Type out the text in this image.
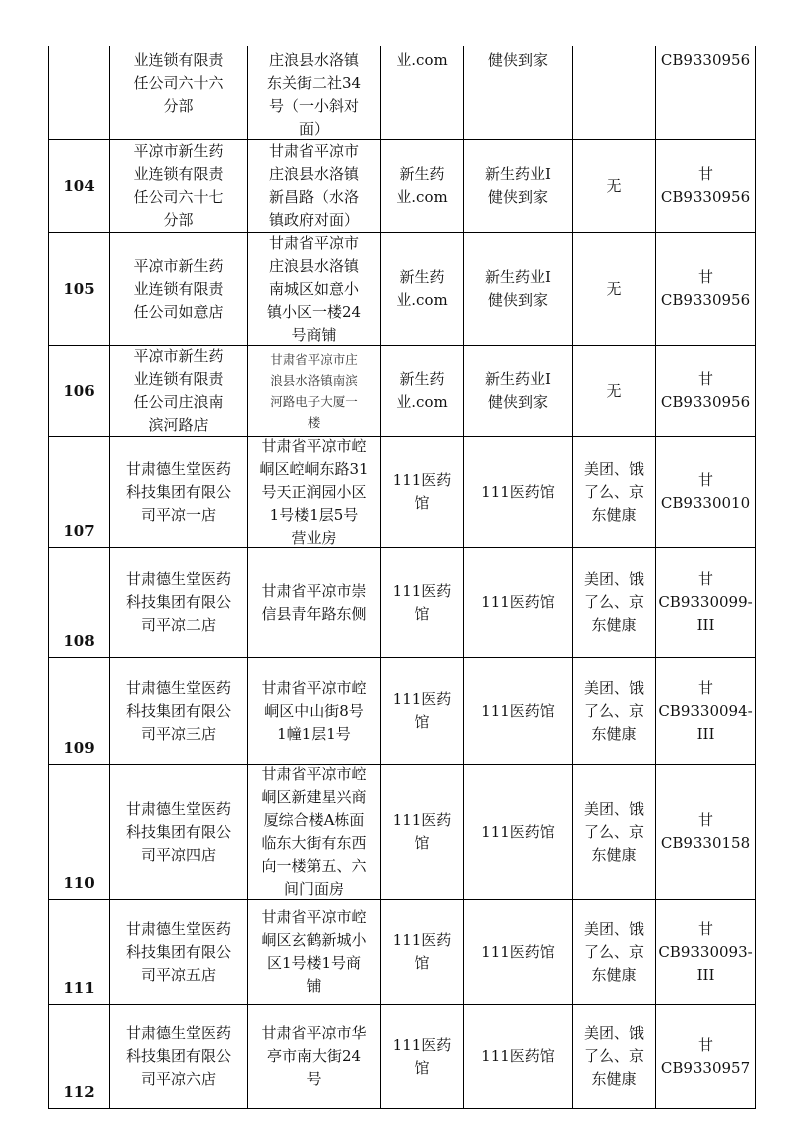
业连锁有限责
任公司六十六
分部
庄浪县水洛镇
东关街二社34
号（一小斜对
面）
业.com	健侠到家	CB9330956
104
平凉市新生药
业连锁有限责
任公司六十七
分部
甘肃省平凉市
庄浪县水洛镇
新昌路（水洛
镇政府对面）
新生药
业.com
新生药业I
健侠到家
无
甘
CB9330956
105
平凉市新生药
业连锁有限责
任公司如意店
甘肃省平凉市
庄浪县水洛镇
南城区如意小
镇小区一楼24
号商铺
新生药
业.com
新生药业I
健侠到家
无
甘
CB9330956
106
平凉市新生药
业连锁有限责
任公司庄浪南
滨河路店
甘肃省平凉市庄
浪县水洛镇南滨
河路电子大厦一
楼
新生药
业.com
新生药业I
健侠到家
无
甘
CB9330956
107
甘肃德生堂医药
科技集团有限公
司平凉一店
甘肃省平凉市崆
峒区崆峒东路31
号天正润园小区
1号楼1层5号
营业房
111医药
馆
111医药馆
美团、饿
了么、京
东健康
甘
CB9330010
108
甘肃德生堂医药
科技集团有限公
司平凉二店
甘肃省平凉市崇
信县青年路东侧
111医药
馆
111医药馆
美团、饿
了么、京
东健康
甘
CB9330099-
III
109
甘肃德生堂医药
科技集团有限公
司平凉三店
甘肃省平凉市崆
峒区中山街8号
1幢1层1号
111医药
馆
111医药馆
美团、饿
了么、京
东健康
甘
CB9330094-
III
110
甘肃德生堂医药
科技集团有限公
司平凉四店
甘肃省平凉市崆
峒区新建星兴商
厦综合楼A栋面
临东大街有东西
向一楼第五、六
间门面房
111医药
馆
111医药馆
美团、饿
了么、京
东健康
甘
CB9330158
111
甘肃德生堂医药
科技集团有限公
司平凉五店
甘肃省平凉市崆
峒区玄鹤新城小
区1号楼1号商
铺
111医药
馆
111医药馆
美团、饿
了么、京
东健康
甘
CB9330093-
III
112
甘肃德生堂医药
科技集团有限公
司平凉六店
甘肃省平凉市华
亭市南大街24
号
111医药
馆
111医药馆
美团、饿
了么、京
东健康
甘
CB9330957
